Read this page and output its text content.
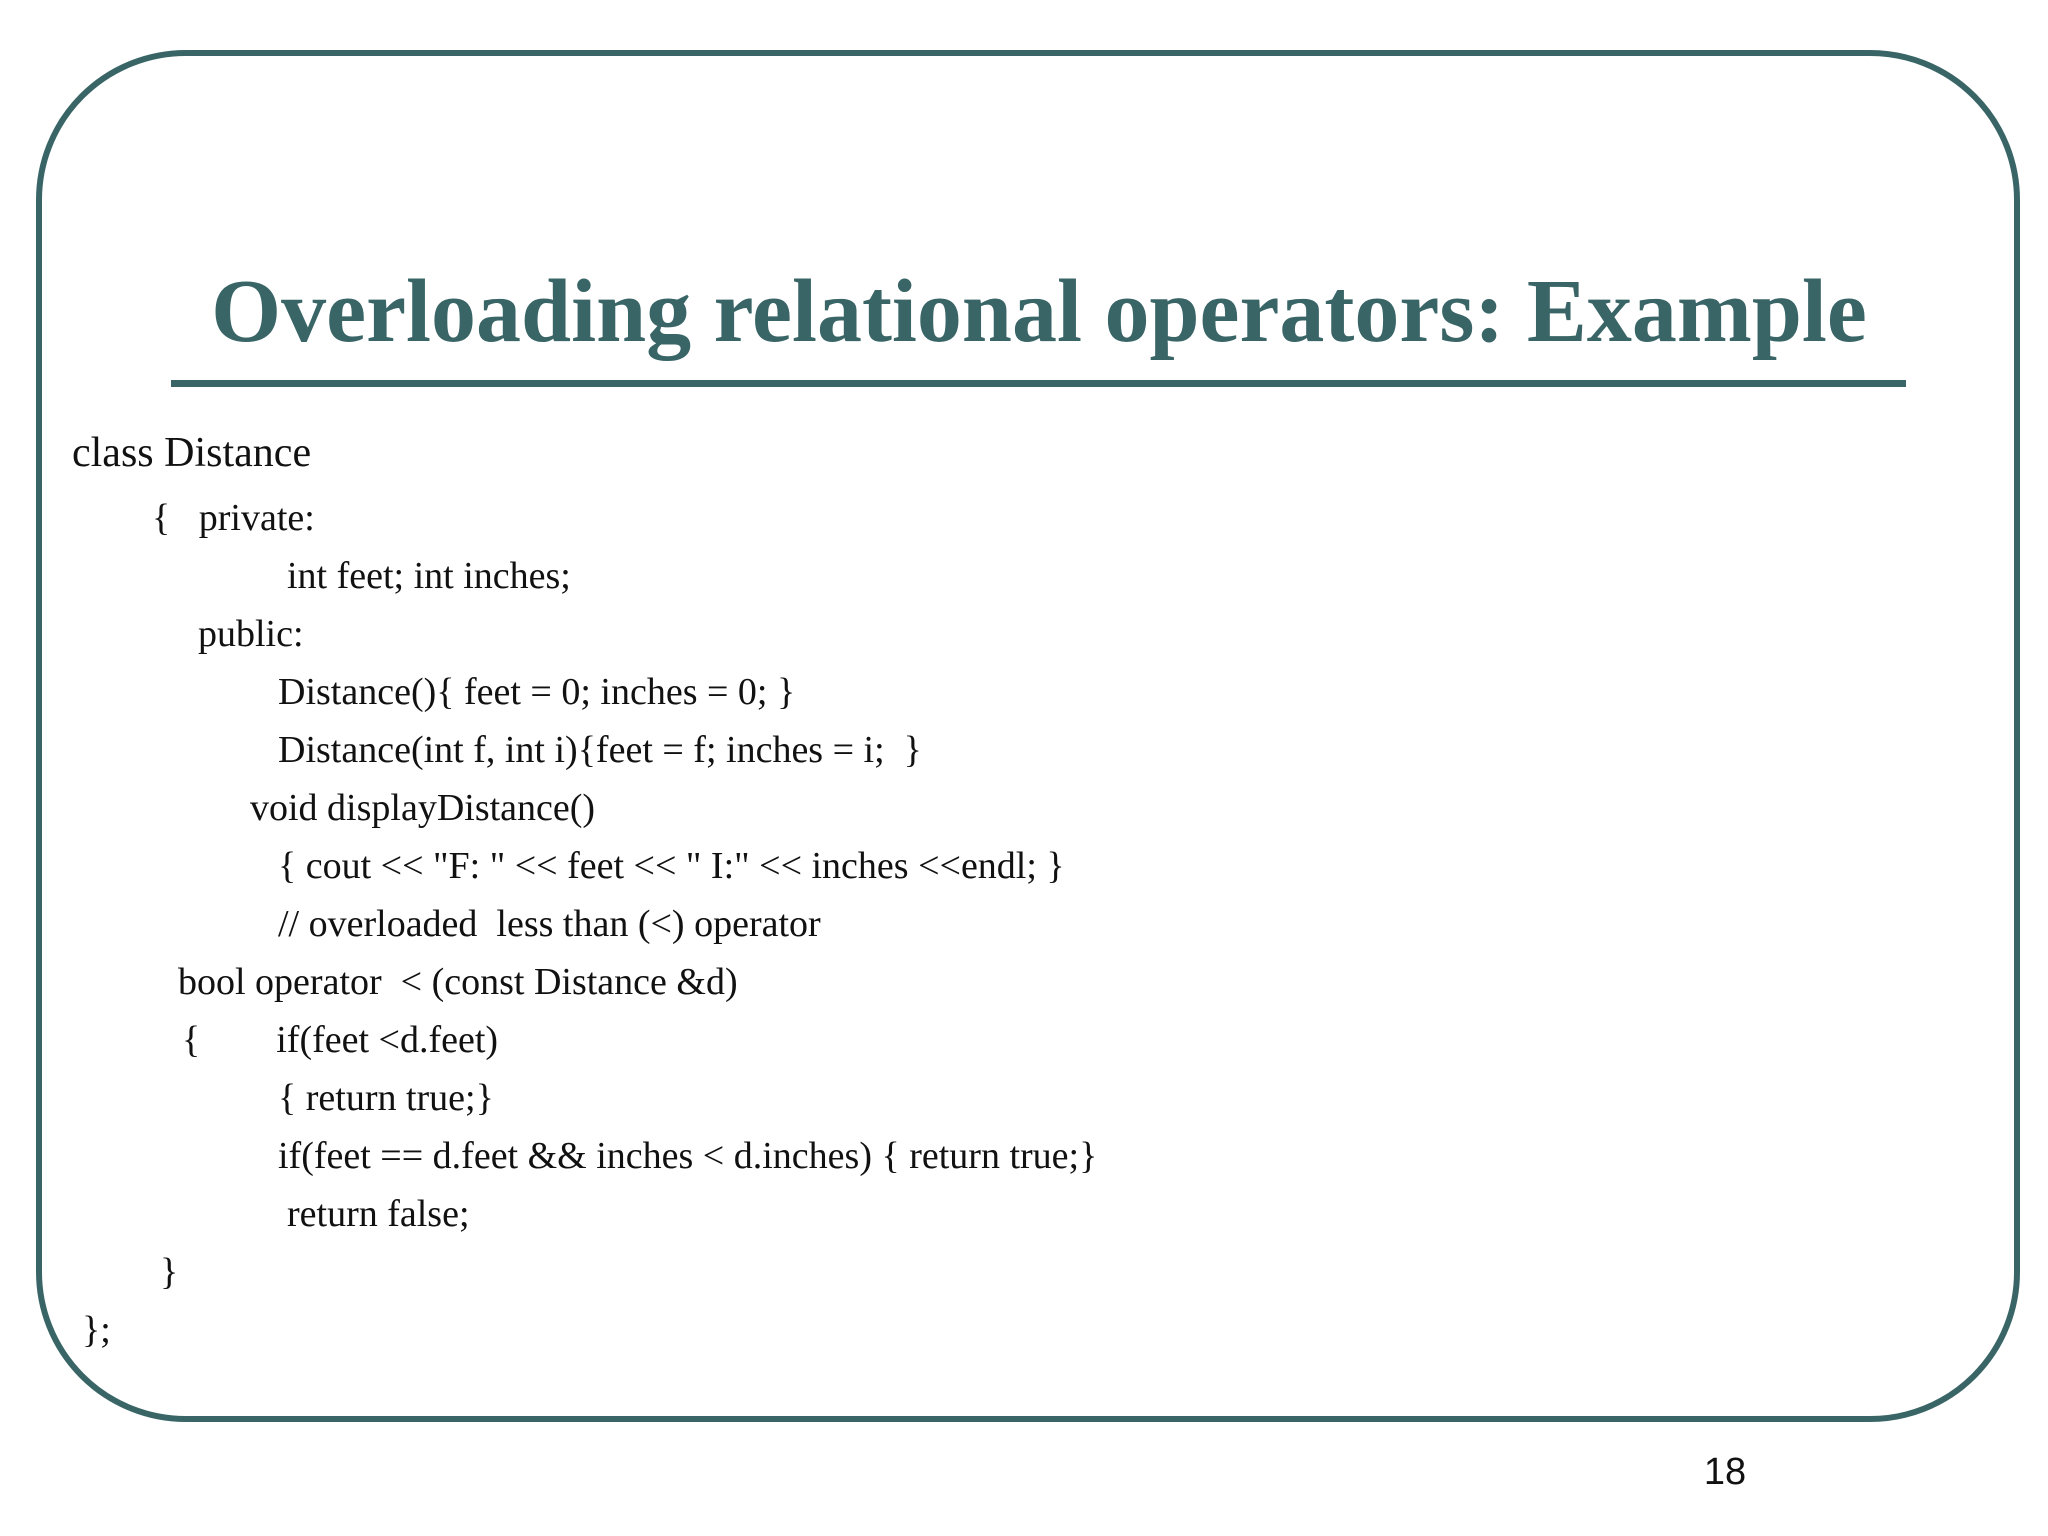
Overloading relational operators: Example
class Distance
{   private:
int feet; int inches;
public:
Distance(){ feet = 0; inches = 0; }
Distance(int f, int i){feet = f; inches = i;  }
void displayDistance()
{ cout << "F: " << feet << " I:" << inches <<endl; }
// overloaded  less than (<) operator
bool operator  < (const Distance &d)
{        if(feet <d.feet)
{ return true;}
if(feet == d.feet && inches < d.inches) { return true;}
return false;
}
};
18
